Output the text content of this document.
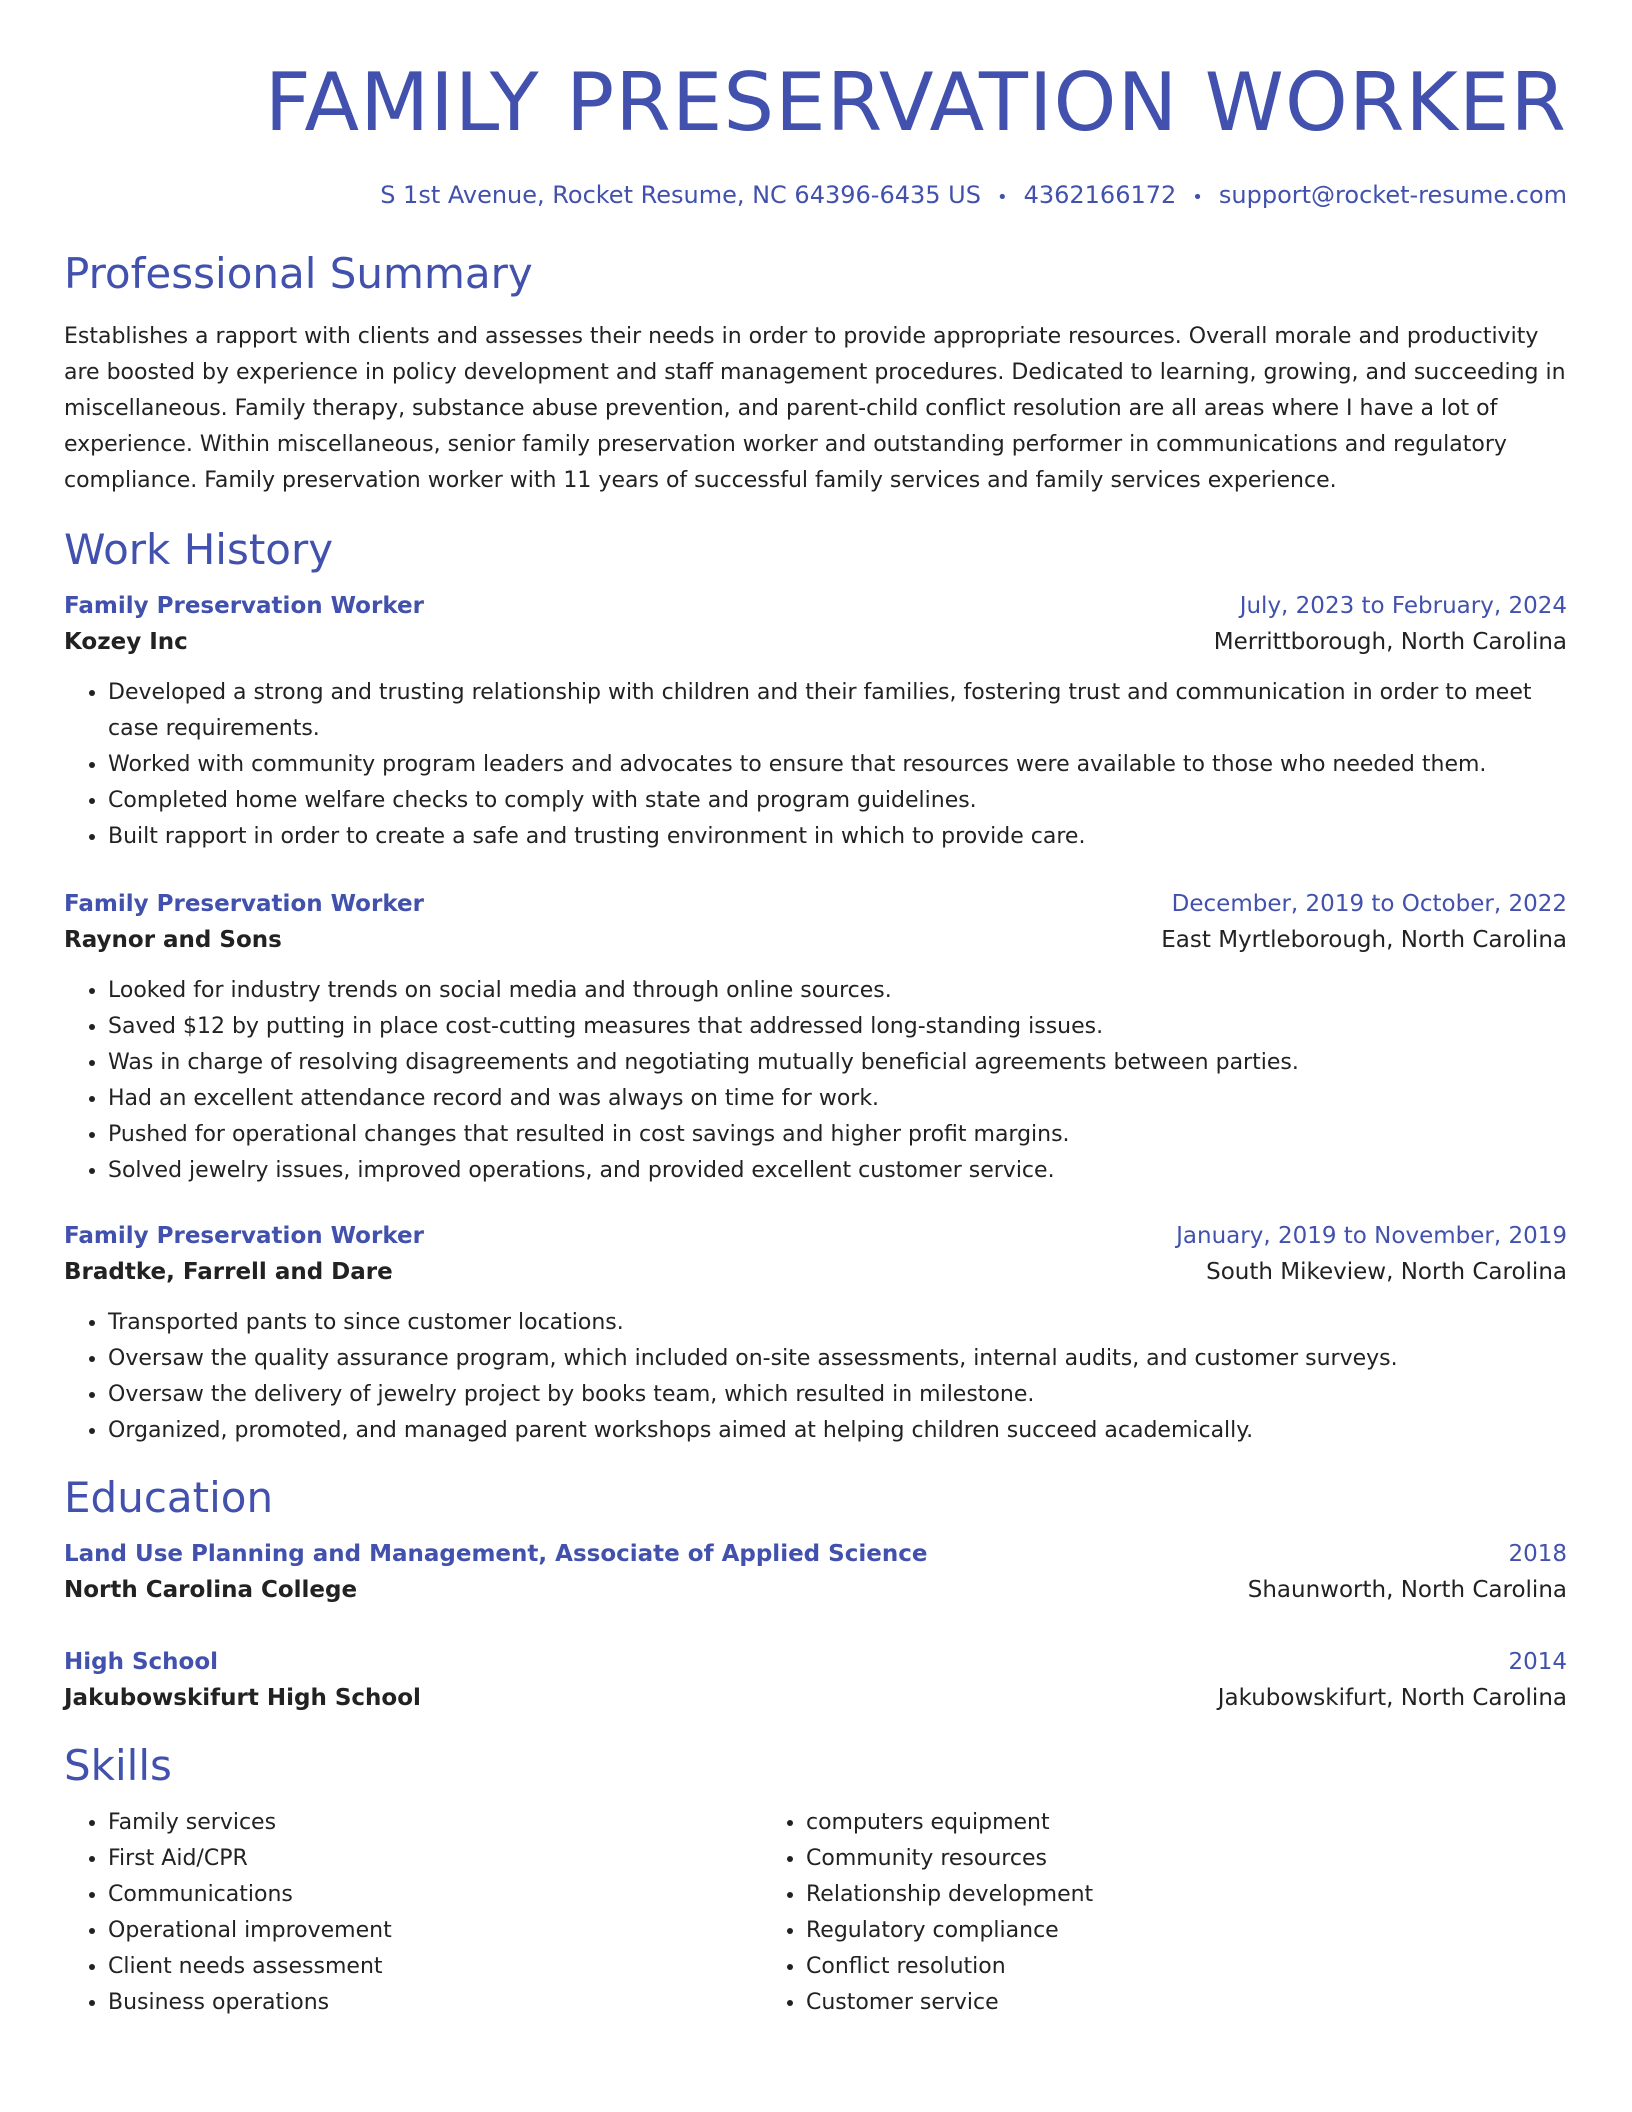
FAMILY PRESERVATION WORKER
S 1st Avenue, Rocket Resume, NC 64396-6435 US • 4362166172 • support@rocket-resume.com
Professional Summary

Establishes a rapport with clients and assesses their needs in order to provide appropriate resources. Overall morale and productivity are boosted by experience in policy development and staff management procedures. Dedicated to learning, growing, and succeeding in miscellaneous. Family therapy, substance abuse prevention, and parent-child conflict resolution are all areas where I have a lot of experience. Within miscellaneous, senior family preservation worker and outstanding performer in communications and regulatory compliance. Family preservation worker with 11 years of successful family services and family services experience.

Work History
Family Preservation Worker	July, 2023 to February, 2024
Kozey Inc	Merrittborough, North Carolina
• Developed a strong and trusting relationship with children and their families, fostering trust and communication in order to meet case requirements.
• Worked with community program leaders and advocates to ensure that resources were available to those who needed them.
• Completed home welfare checks to comply with state and program guidelines.
• Built rapport in order to create a safe and trusting environment in which to provide care.
Family Preservation Worker	December, 2019 to October, 2022
Raynor and Sons	East Myrtleborough, North Carolina
• Looked for industry trends on social media and through online sources.
• Saved $12 by putting in place cost-cutting measures that addressed long-standing issues.
• Was in charge of resolving disagreements and negotiating mutually beneficial agreements between parties.
• Had an excellent attendance record and was always on time for work.
• Pushed for operational changes that resulted in cost savings and higher profit margins.
• Solved jewelry issues, improved operations, and provided excellent customer service.
Family Preservation Worker	January, 2019 to November, 2019
Bradtke, Farrell and Dare	South Mikeview, North Carolina
• Transported pants to since customer locations.
• Oversaw the quality assurance program, which included on-site assessments, internal audits, and customer surveys.
• Oversaw the delivery of jewelry project by books team, which resulted in milestone.
• Organized, promoted, and managed parent workshops aimed at helping children succeed academically.
Education
Land Use Planning and Management, Associate of Applied Science	2018
North Carolina College	Shaunworth, North Carolina
High School	2014
Jakubowskifurt High School	Jakubowskifurt, North Carolina
Skills
• Family services
• First Aid/CPR
• Communications
• Operational improvement
• Client needs assessment
• Business operations
• computers equipment
• Community resources
• Relationship development
• Regulatory compliance
• Conflict resolution
• Customer service
